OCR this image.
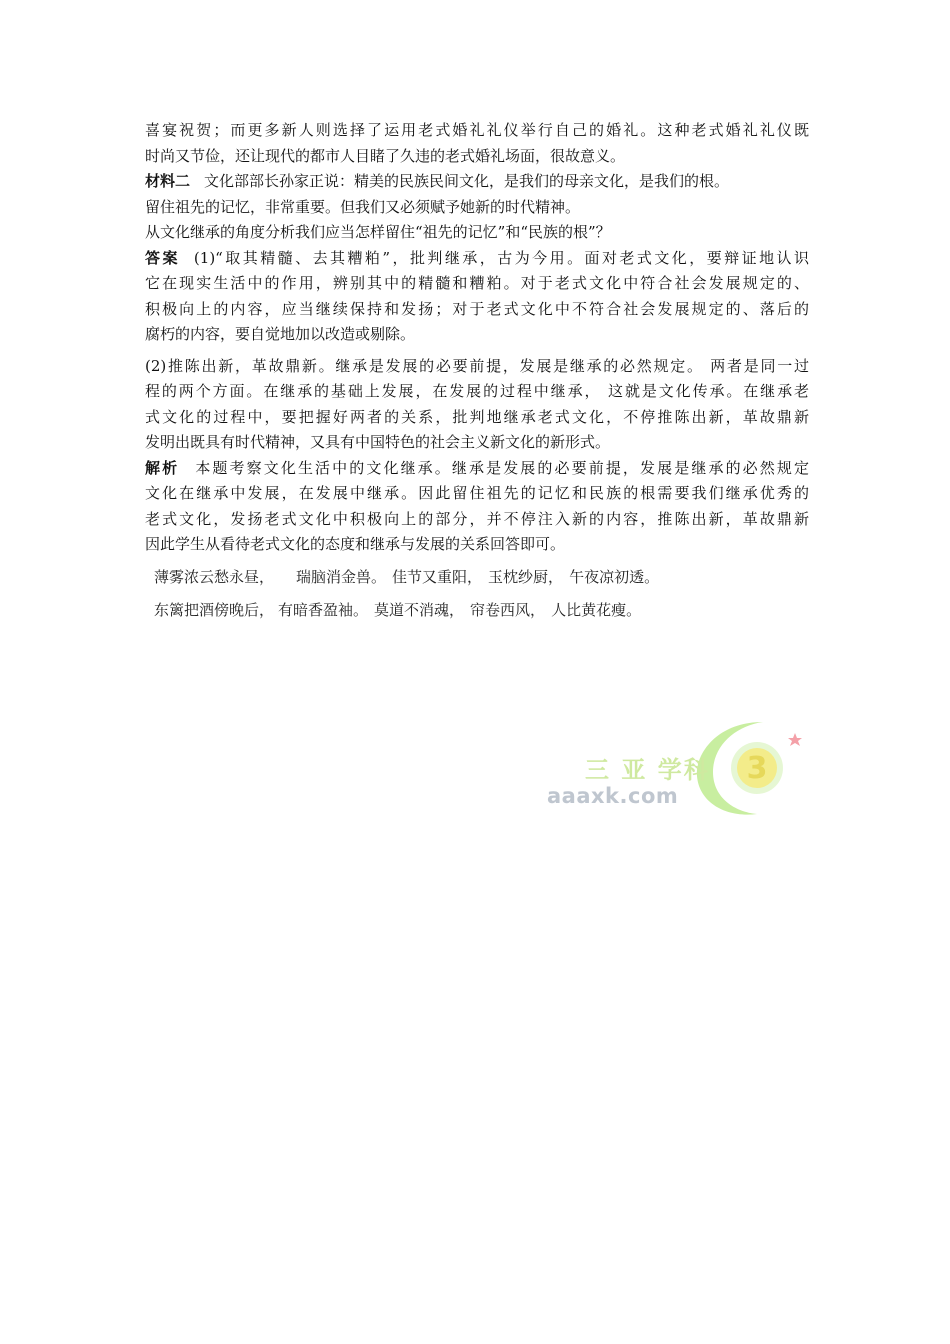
喜宴祝贺；而更多新人则选择了运用老式婚礼礼仪举行自己的婚礼。这种老式婚礼礼仪既
时尚又节俭，还让现代的都市人目睹了久违的老式婚礼场面，很故意义。
材料二 文化部部长孙家正说：精美的民族民间文化，是我们的母亲文化，是我们的根。
留住祖先的记忆，非常重要。但我们又必须赋予她新的时代精神。
从文化继承的角度分析我们应当怎样留住“祖先的记忆”和“民族的根”？
答案 (1)“取其精髓、去其糟粕”，批判继承，古为今用。面对老式文化，要辩证地认识
它在现实生活中的作用，辨别其中的精髓和糟粕。对于老式文化中符合社会发展规定的、
积极向上的内容，应当继续保持和发扬；对于老式文化中不符合社会发展规定的、落后的
腐朽的内容，要自觉地加以改造或剔除。
(2)推陈出新，革故鼎新。继承是发展的必要前提，发展是继承的必然规定。 两者是同一过
程的两个方面。在继承的基础上发展，在发展的过程中继承， 这就是文化传承。在继承老
式文化的过程中，要把握好两者的关系，批判地继承老式文化，不停推陈出新，革故鼎新
发明出既具有时代精神，又具有中国特色的社会主义新文化的新形式。
解析 本题考察文化生活中的文化继承。继承是发展的必要前提，发展是继承的必然规定
文化在继承中发展，在发展中继承。因此留住祖先的记忆和民族的根需要我们继承优秀的
老式文化，发扬老式文化中积极向上的部分，并不停注入新的内容，推陈出新，革故鼎新
因此学生从看待老式文化的态度和继承与发展的关系回答即可。
薄雾浓云愁永昼， 瑞脑消金兽。 佳节又重阳， 玉枕纱厨， 午夜凉初透。
东篱把酒傍晚后， 有暗香盈袖。 莫道不消魂， 帘卷西风， 人比黄花瘦。
3
三 亚 学科
aaaxk.com
